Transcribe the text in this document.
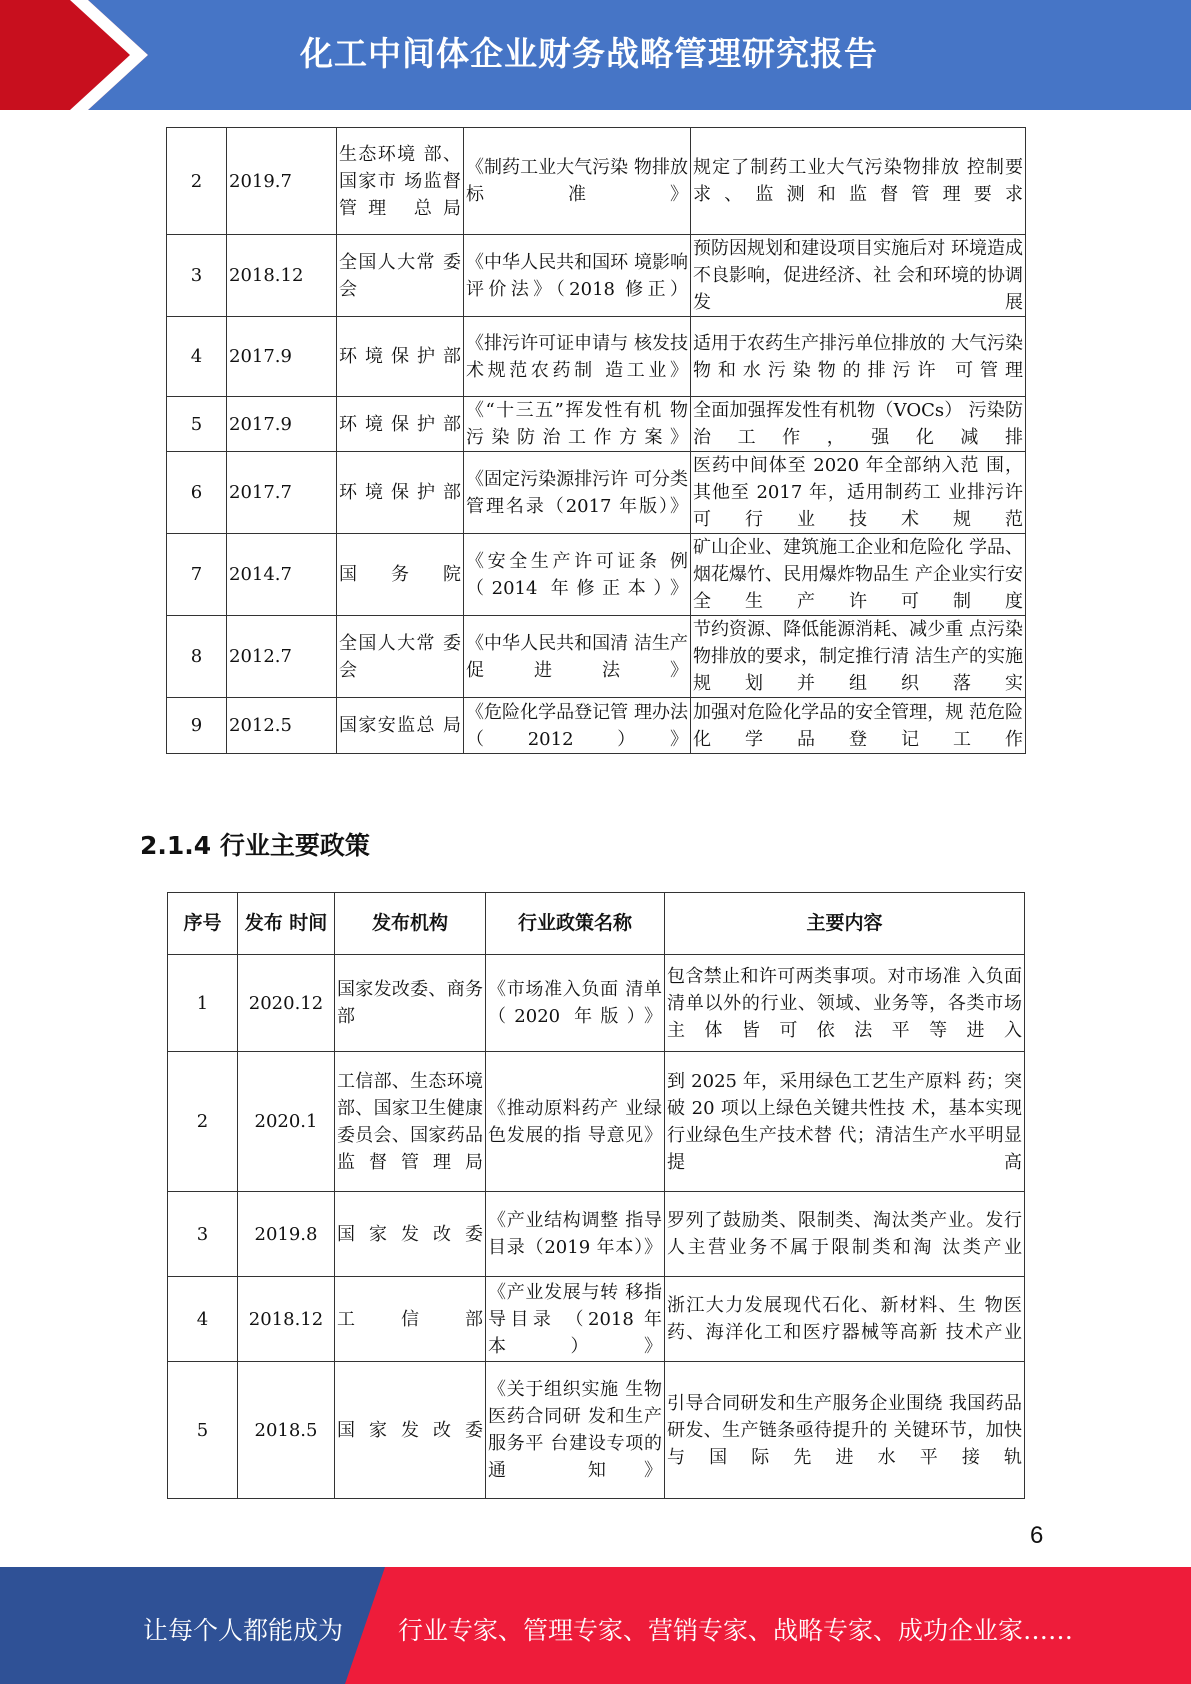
化工中间体企业财务战略管理研究报告
2	2019.7	生态环境 部、国家市 场监督管理 总局	《制药工业大气污染 物排放标准》	规定了制药工业大气污染物排放 控制要求、监测和监督管理要求
3	2018.12	全国人大常 委会	《中华人民共和国环 境影响评价法》（2018 修正）	预防因规划和建设项目实施后对 环境造成不良影响，促进经济、社 会和环境的协调发展
4	2017.9	环境保护部	《排污许可证申请与 核发技术规范农药制 造工业》	适用于农药生产排污单位排放的 大气污染物和水污染物的排污许 可管理
5	2017.9	环境保护部	《“十三五”挥发性有机 物污染防治工作方案》	全面加强挥发性有机物（VOCs） 污染防治工作，强化减排
6	2017.7	环境保护部	《固定污染源排污许 可分类管理名录（2017 年版）》	医药中间体至 2020 年全部纳入范 围，其他至 2017 年，适用制药工 业排污许可行业技术规范
7	2014.7	国务院	《安全生产许可证条 例（2014 年修正本）》	矿山企业、建筑施工企业和危险化 学品、烟花爆竹、民用爆炸物品生 产企业实行安全生产许可制度
8	2012.7	全国人大常 委会	《中华人民共和国清 洁生产促进法》	节约资源、降低能源消耗、减少重 点污染物排放的要求，制定推行清 洁生产的实施规划并组织落实
9	2012.5	国家安监总 局	《危险化学品登记管 理办法（2012）》	加强对危险化学品的安全管理，规 范危险化学品登记工作
2.1.4 行业主要政策
序号	发布 时间	发布机构	行业政策名称	主要内容
1	2020.12	国家发改委、商务部	《市场准入负面 清单（2020 年版）》	包含禁止和许可两类事项。对市场准 入负面清单以外的行业、领域、业务等，各类市场主体皆可依法平等进入
2	2020.1	工信部、生态环境部、国家卫生健康委员会、国家药品监督管理局	《推动原料药产 业绿色发展的指 导意见》	到 2025 年，采用绿色工艺生产原料 药；突破 20 项以上绿色关键共性技 术，基本实现行业绿色生产技术替 代；清洁生产水平明显提高
3	2019.8	国家发改委	《产业结构调整 指导目录（2019 年本）》	罗列了鼓励类、限制类、淘汰类产业。发行人主营业务不属于限制类和淘 汰类产业
4	2018.12	工信部	《产业发展与转 移指导目录 （2018 年本）》	浙江大力发展现代石化、新材料、生 物医药、海洋化工和医疗器械等高新 技术产业
5	2018.5	国家发改委	《关于组织实施 生物医药合同研 发和生产服务平 台建设专项的通 知》	引导合同研发和生产服务企业围绕 我国药品研发、生产链条亟待提升的 关键环节，加快与国际先进水平接轨
6
让每个人都能成为 行业专家、管理专家、营销专家、战略专家、成功企业家……
